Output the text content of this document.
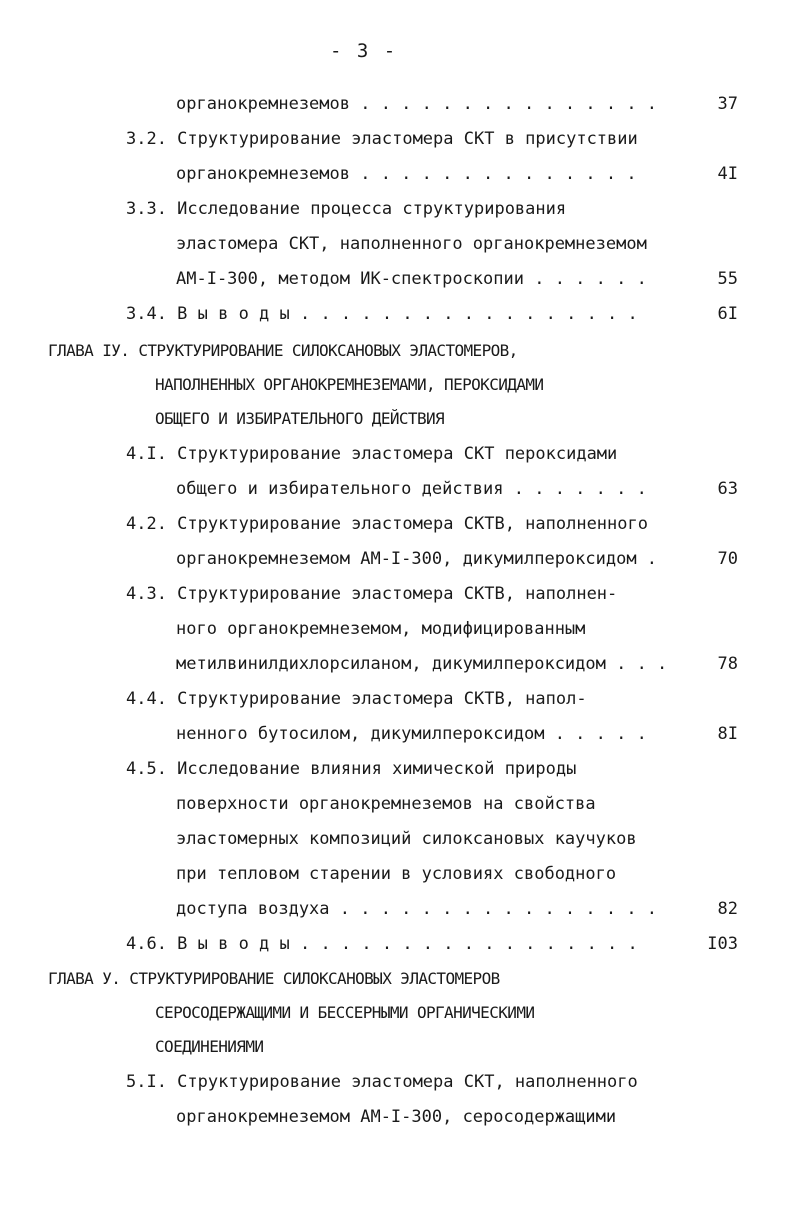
- 3 -
органокремнеземов . . . . . . . . . . . . . . .	37
3.2. Структурирование эластомера СКТ в присутствии
органокремнеземов . . . . . . . . . . . . . .	4I
3.3. Исследование процесса структурирования
эластомера СКТ, наполненного органокремнеземом
АМ-I-300, методом ИК-спектроскопии . . . . . .	55
3.4. В ы в о д ы . . . . . . . . . . . . . . . . .	6I
ГЛАВА IУ. СТРУКТУРИРОВАНИЕ СИЛОКСАНОВЫХ ЭЛАСТОМЕРОВ,
НАПОЛНЕННЫХ ОРГАНОКРЕМНЕЗЕМАМИ, ПЕРОКСИДАМИ
ОБЩЕГО И ИЗБИРАТЕЛЬНОГО ДЕЙСТВИЯ
4.I. Структурирование эластомера СКТ пероксидами
общего и избирательного действия . . . . . . .	63
4.2. Структурирование эластомера СКТВ, наполненного
органокремнеземом АМ-I-300, дикумилпероксидом .	70
4.3. Структурирование эластомера СКТВ, наполнен-
ного органокремнеземом, модифицированным
метилвинилдихлорсиланом, дикумилпероксидом . . .	78
4.4. Структурирование эластомера СКТВ, напол-
ненного бутосилом, дикумилпероксидом . . . . .	8I
4.5. Исследование влияния химической природы
поверхности органокремнеземов на свойства
эластомерных композиций силоксановых каучуков
при тепловом старении в условиях свободного
доступа воздуха . . . . . . . . . . . . . . . .	82
4.6. В ы в о д ы . . . . . . . . . . . . . . . . .	I03
ГЛАВА У. СТРУКТУРИРОВАНИЕ СИЛОКСАНОВЫХ ЭЛАСТОМЕРОВ
СЕРОСОДЕРЖАЩИМИ И БЕССЕРНЫМИ ОРГАНИЧЕСКИМИ
СОЕДИНЕНИЯМИ
5.I. Структурирование эластомера СКТ, наполненного
органокремнеземом АМ-I-300, серосодержащими
